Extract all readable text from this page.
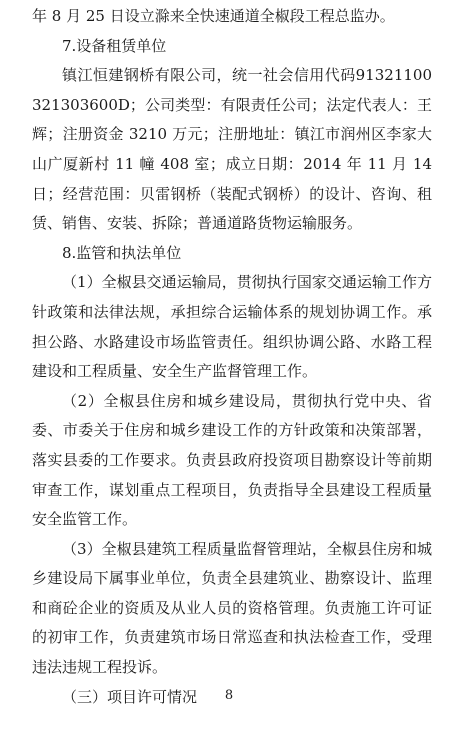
年 8 月 25 日设立滁来全快速通道全椒段工程总监办。

7.设备租赁单位

镇江恒建钢桥有限公司，统一社会信用代码91321100321303600D；公司类型：有限责任公司；法定代表人：王辉；注册资金 3210 万元；注册地址：镇江市润州区李家大山广厦新村 11 幢 408 室；成立日期：2014 年 11 月 14 日；经营范围：贝雷钢桥（装配式钢桥）的设计、咨询、租赁、销售、安装、拆除；普通道路货物运输服务。

8.监管和执法单位

（1）全椒县交通运输局，贯彻执行国家交通运输工作方针政策和法律法规，承担综合运输体系的规划协调工作。承担公路、水路建设市场监管责任。组织协调公路、水路工程建设和工程质量、安全生产监督管理工作。

（2）全椒县住房和城乡建设局，贯彻执行党中央、省委、市委关于住房和城乡建设工作的方针政策和决策部署，落实县委的工作要求。负责县政府投资项目勘察设计等前期审查工作，谋划重点工程项目，负责指导全县建设工程质量安全监管工作。

（3）全椒县建筑工程质量监督管理站，全椒县住房和城乡建设局下属事业单位，负责全县建筑业、勘察设计、监理和商砼企业的资质及从业人员的资格管理。负责施工许可证的初审工作，负责建筑市场日常巡查和执法检查工作，受理违法违规工程投诉。

（三）项目许可情况	8
